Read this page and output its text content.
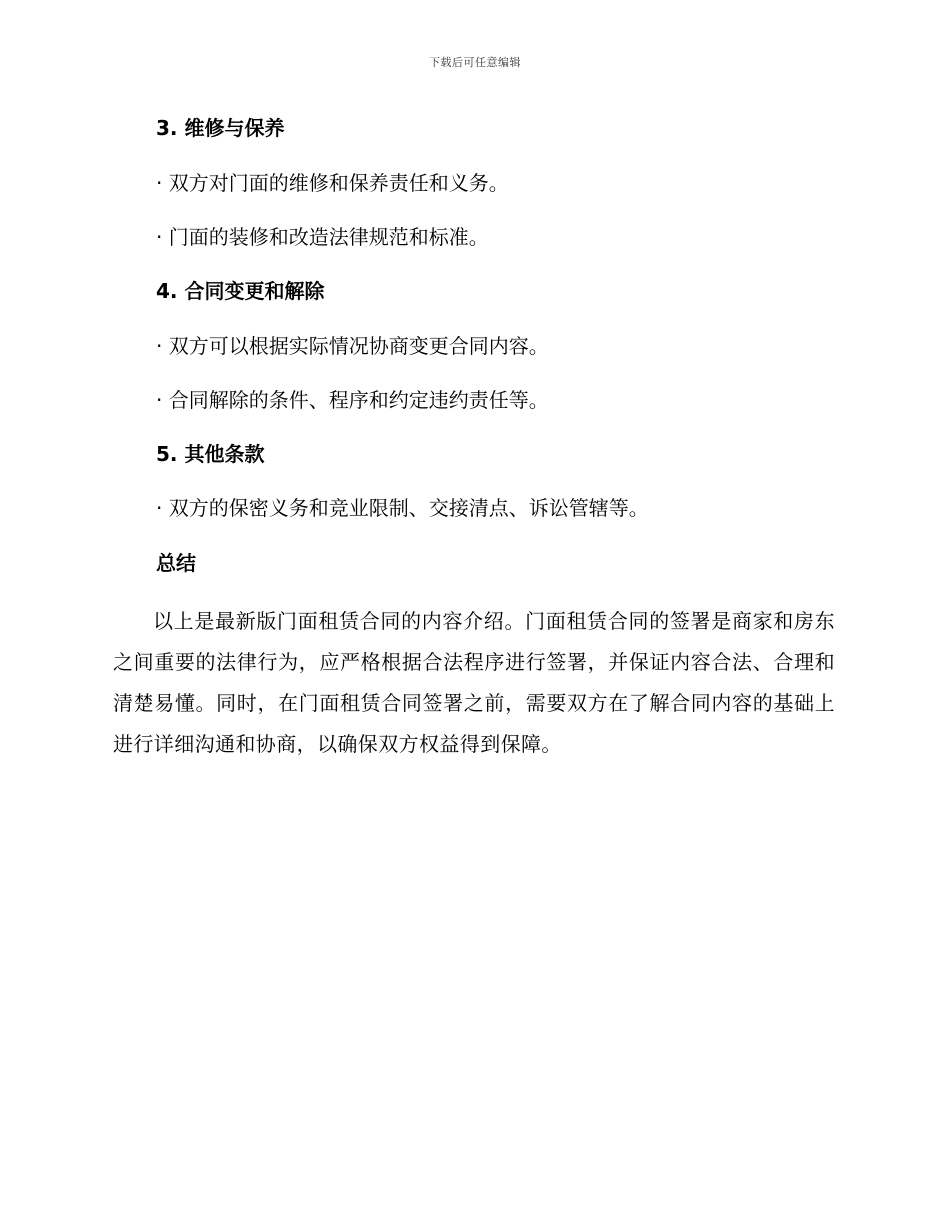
下载后可任意编辑
3. 维修与保养
· 双方对门面的维修和保养责任和义务。
· 门面的装修和改造法律规范和标准。
4. 合同变更和解除
· 双方可以根据实际情况协商变更合同内容。
· 合同解除的条件、程序和约定违约责任等。
5. 其他条款
· 双方的保密义务和竞业限制、交接清点、诉讼管辖等。
总结
以上是最新版门面租赁合同的内容介绍。门面租赁合同的签署是商家和房东之间重要的法律行为，应严格根据合法程序进行签署，并保证内容合法、合理和清楚易懂。同时，在门面租赁合同签署之前，需要双方在了解合同内容的基础上进行详细沟通和协商，以确保双方权益得到保障。
